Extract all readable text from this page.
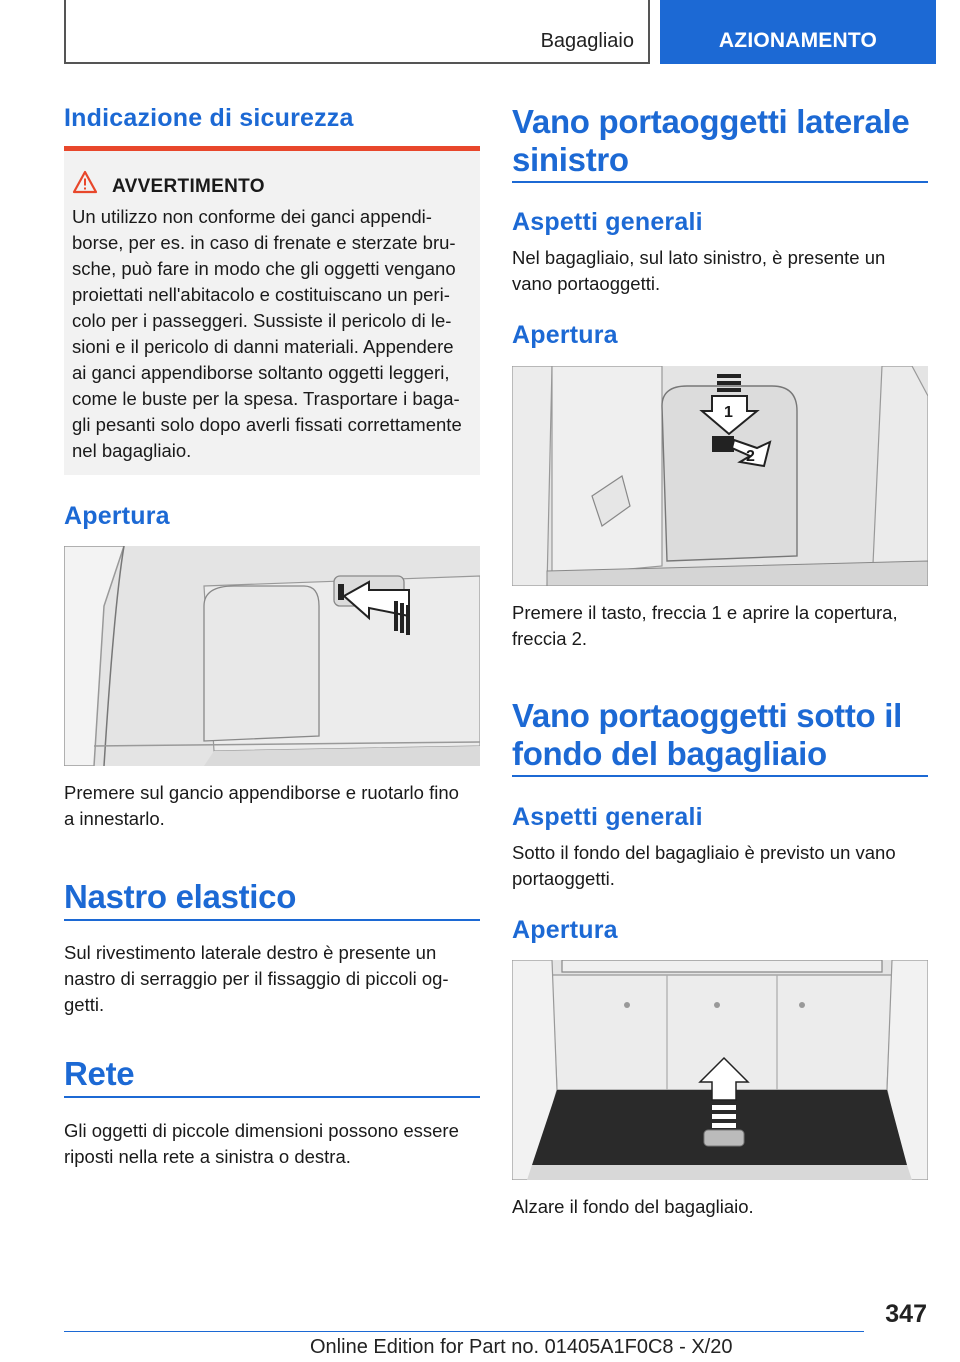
Bagagliaio	AZIONAMENTO
Indicazione di sicurezza
AVVERTIMENTO
Un utilizzo non conforme dei ganci appendi-
borse, per es. in caso di frenate e sterzate bru-
sche, può fare in modo che gli oggetti vengano
proiettati nell'abitacolo e costituiscano un peri-
colo per i passeggeri. Sussiste il pericolo di le-
sioni e il pericolo di danni materiali. Appendere
ai ganci appendiborse soltanto oggetti leggeri,
come le buste per la spesa. Trasportare i baga-
gli pesanti solo dopo averli fissati correttamente
nel bagagliaio.
Apertura
Premere sul gancio appendiborse e ruotarlo fino
a innestarlo.
Nastro elastico
Sul rivestimento laterale destro è presente un
nastro di serraggio per il fissaggio di piccoli og-
getti.
Rete
Gli oggetti di piccole dimensioni possono essere
riposti nella rete a sinistra o destra.
Vano portaoggetti laterale
sinistro
Aspetti generali
Nel bagagliaio, sul lato sinistro, è presente un
vano portaoggetti.
Apertura
1
2
Premere il tasto, freccia 1 e aprire la copertura,
freccia 2.
Vano portaoggetti sotto il
fondo del bagagliaio
Aspetti generali
Sotto il fondo del bagagliaio è previsto un vano
portaoggetti.
Apertura
Alzare il fondo del bagagliaio.
347
Online Edition for Part no. 01405A1F0C8 - X/20
